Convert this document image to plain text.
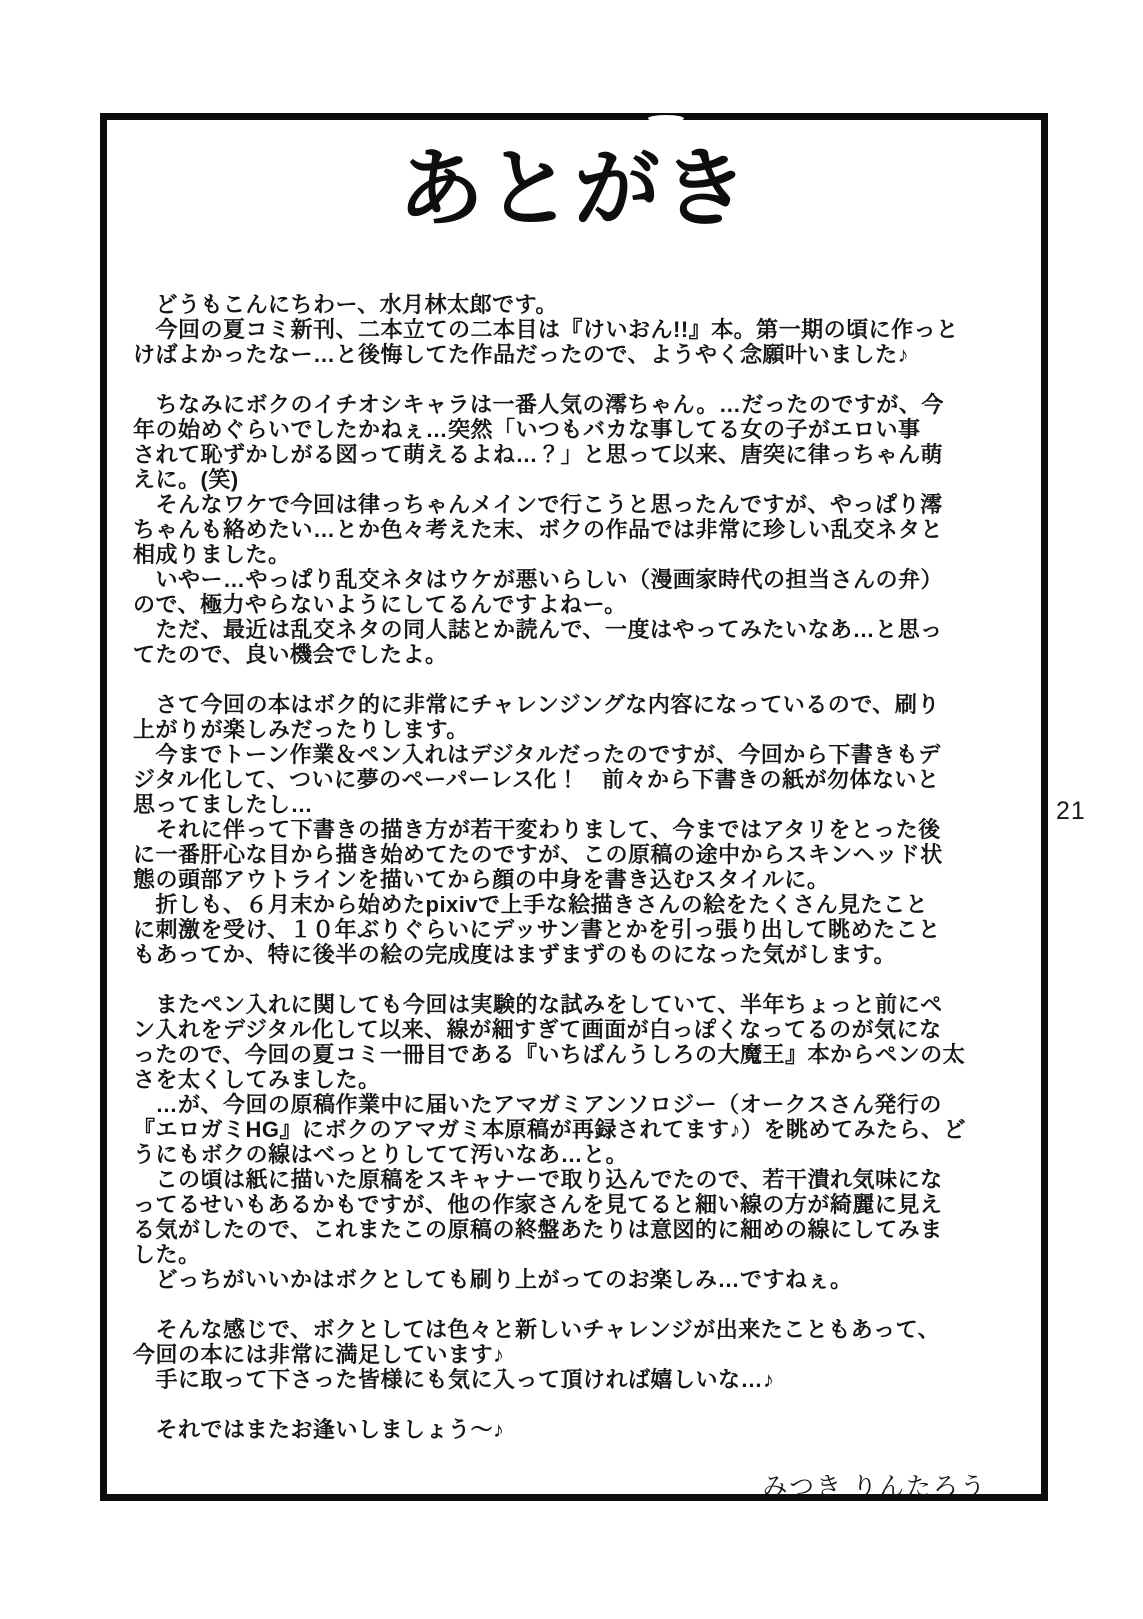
あとがき
　どうもこんにちわー、水月林太郎です。
　今回の夏コミ新刊、二本立ての二本目は『けいおん!!』本。第一期の頃に作っと
けばよかったなー…と後悔してた作品だったので、ようやく念願叶いました♪
　ちなみにボクのイチオシキャラは一番人気の澪ちゃん。…だったのですが、今
年の始めぐらいでしたかねぇ…突然「いつもバカな事してる女の子がエロい事
されて恥ずかしがる図って萌えるよね…？」と思って以来、唐突に律っちゃん萌
えに。(笑)
　そんなワケで今回は律っちゃんメインで行こうと思ったんですが、やっぱり澪
ちゃんも絡めたい…とか色々考えた末、ボクの作品では非常に珍しい乱交ネタと
相成りました。
　いやー…やっぱり乱交ネタはウケが悪いらしい（漫画家時代の担当さんの弁）
ので、極力やらないようにしてるんですよねー。
　ただ、最近は乱交ネタの同人誌とか読んで、一度はやってみたいなあ…と思っ
てたので、良い機会でしたよ。
　さて今回の本はボク的に非常にチャレンジングな内容になっているので、刷り
上がりが楽しみだったりします。
　今までトーン作業＆ペン入れはデジタルだったのですが、今回から下書きもデ
ジタル化して、ついに夢のペーパーレス化！　前々から下書きの紙が勿体ないと
思ってましたし…
　それに伴って下書きの描き方が若干変わりまして、今まではアタリをとった後
に一番肝心な目から描き始めてたのですが、この原稿の途中からスキンヘッド状
態の頭部アウトラインを描いてから顔の中身を書き込むスタイルに。
　折しも、６月末から始めたpixivで上手な絵描きさんの絵をたくさん見たこと
に刺激を受け、１０年ぶりぐらいにデッサン書とかを引っ張り出して眺めたこと
もあってか、特に後半の絵の完成度はまずまずのものになった気がします。
　またペン入れに関しても今回は実験的な試みをしていて、半年ちょっと前にペ
ン入れをデジタル化して以来、線が細すぎて画面が白っぽくなってるのが気にな
ったので、今回の夏コミ一冊目である『いちばんうしろの大魔王』本からペンの太
さを太くしてみました。
　…が、今回の原稿作業中に届いたアマガミアンソロジー（オークスさん発行の
『エロガミHG』にボクのアマガミ本原稿が再録されてます♪）を眺めてみたら、ど
うにもボクの線はべっとりしてて汚いなあ…と。
　この頃は紙に描いた原稿をスキャナーで取り込んでたので、若干潰れ気味にな
ってるせいもあるかもですが、他の作家さんを見てると細い線の方が綺麗に見え
る気がしたので、これまたこの原稿の終盤あたりは意図的に細めの線にしてみま
した。
　どっちがいいかはボクとしても刷り上がってのお楽しみ…ですねぇ。
　そんな感じで、ボクとしては色々と新しいチャレンジが出来たこともあって、
今回の本には非常に満足しています♪
　手に取って下さった皆様にも気に入って頂ければ嬉しいな…♪
　それではまたお逢いしましょう～♪
みつき りんたろう
21
